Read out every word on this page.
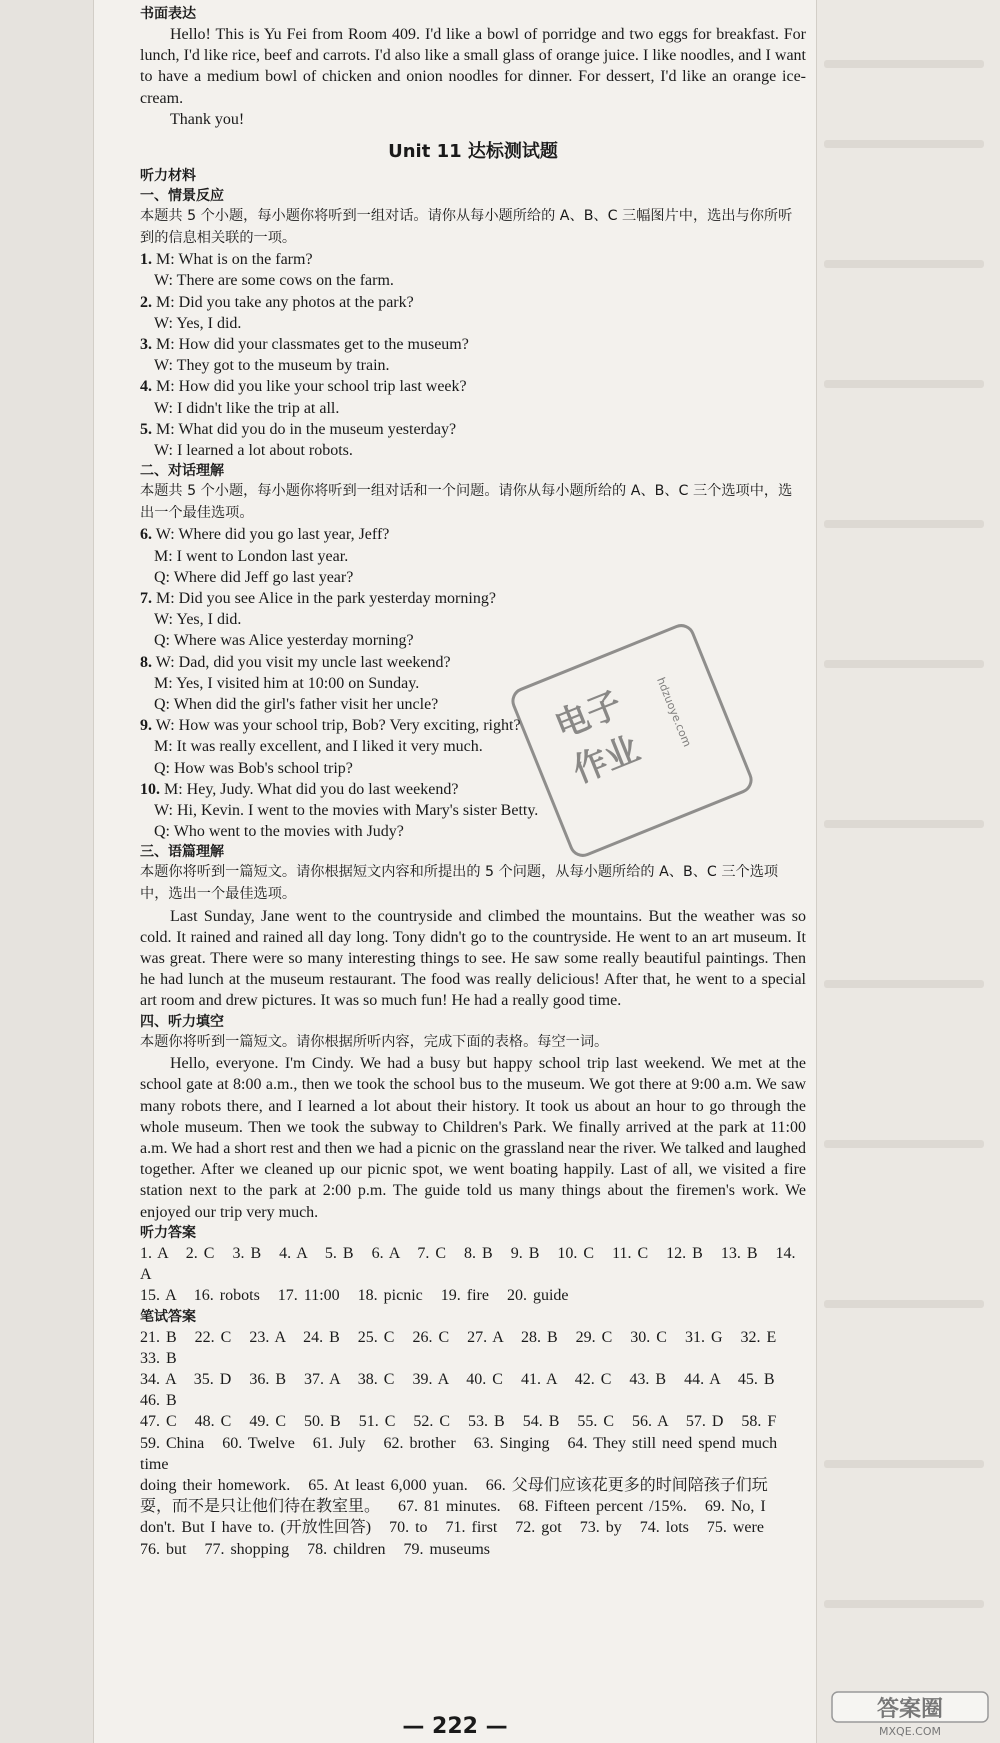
书面表达
Hello! This is Yu Fei from Room 409. I'd like a bowl of porridge and two eggs for breakfast. For lunch, I'd like rice, beef and carrots. I'd also like a small glass of orange juice. I like noodles, and I want to have a medium bowl of chicken and onion noodles for dinner. For dessert, I'd like an orange ice-cream.
Thank you!
Unit 11 达标测试题
听力材料
一、情景反应
本题共 5 个小题，每小题你将听到一组对话。请你从每小题所给的 A、B、C 三幅图片中，选出与你所听到的信息相关联的一项。
1. M: What is on the farm?
W: There are some cows on the farm.
2. M: Did you take any photos at the park?
W: Yes, I did.
3. M: How did your classmates get to the museum?
W: They got to the museum by train.
4. M: How did you like your school trip last week?
W: I didn't like the trip at all.
5. M: What did you do in the museum yesterday?
W: I learned a lot about robots.
二、对话理解
本题共 5 个小题，每小题你将听到一组对话和一个问题。请你从每小题所给的 A、B、C 三个选项中，选出一个最佳选项。
6. W: Where did you go last year, Jeff?
M: I went to London last year.
Q: Where did Jeff go last year?
7. M: Did you see Alice in the park yesterday morning?
W: Yes, I did.
Q: Where was Alice yesterday morning?
8. W: Dad, did you visit my uncle last weekend?
M: Yes, I visited him at 10:00 on Sunday.
Q: When did the girl's father visit her uncle?
9. W: How was your school trip, Bob? Very exciting, right?
M: It was really excellent, and I liked it very much.
Q: How was Bob's school trip?
10. M: Hey, Judy. What did you do last weekend?
W: Hi, Kevin. I went to the movies with Mary's sister Betty.
Q: Who went to the movies with Judy?
三、语篇理解
本题你将听到一篇短文。请你根据短文内容和所提出的 5 个问题，从每小题所给的 A、B、C 三个选项中，选出一个最佳选项。
Last Sunday, Jane went to the countryside and climbed the mountains. But the weather was so cold. It rained and rained all day long. Tony didn't go to the countryside. He went to an art museum. It was great. There were so many interesting things to see. He saw some really beautiful paintings. Then he had lunch at the museum restaurant. The food was really delicious! After that, he went to a special art room and drew pictures. It was so much fun! He had a really good time.
四、听力填空
本题你将听到一篇短文。请你根据所听内容，完成下面的表格。每空一词。
Hello, everyone. I'm Cindy. We had a busy but happy school trip last weekend. We met at the school gate at 8:00 a.m., then we took the school bus to the museum. We got there at 9:00 a.m. We saw many robots there, and I learned a lot about their history. It took us about an hour to go through the whole museum. Then we took the subway to Children's Park. We finally arrived at the park at 11:00 a.m. We had a short rest and then we had a picnic on the grassland near the river. We talked and laughed together. After we cleaned up our picnic spot, we went boating happily. Last of all, we visited a fire station next to the park at 2:00 p.m. The guide told us many things about the firemen's work. We enjoyed our trip very much.
听力答案
1. A   2. C   3. B   4. A   5. B   6. A   7. C   8. B   9. B   10. C   11. C   12. B   13. B   14. A
15. A   16. robots   17. 11:00   18. picnic   19. fire   20. guide
笔试答案
21. B   22. C   23. A   24. B   25. C   26. C   27. A   28. B   29. C   30. C   31. G   32. E   33. B
34. A   35. D   36. B   37. A   38. C   39. A   40. C   41. A   42. C   43. B   44. A   45. B   46. B
47. C   48. C   49. C   50. B   51. C   52. C   53. B   54. B   55. C   56. A   57. D   58. F
59. China   60. Twelve   61. July   62. brother   63. Singing   64. They still need spend much time
doing their homework.   65. At least 6,000 yuan.   66. 父母们应该花更多的时间陪孩子们玩
耍，而不是只让他们待在教室里。   67. 81 minutes.   68. Fifteen percent /15%.   69. No, I
don't. But I have to. (开放性回答)   70. to   71. first   72. got   73. by   74. lots   75. were
76. but   77. shopping   78. children   79. museums
电子作业
hdzuoye.com
— 222 —
答案圈
MXQE.COM
